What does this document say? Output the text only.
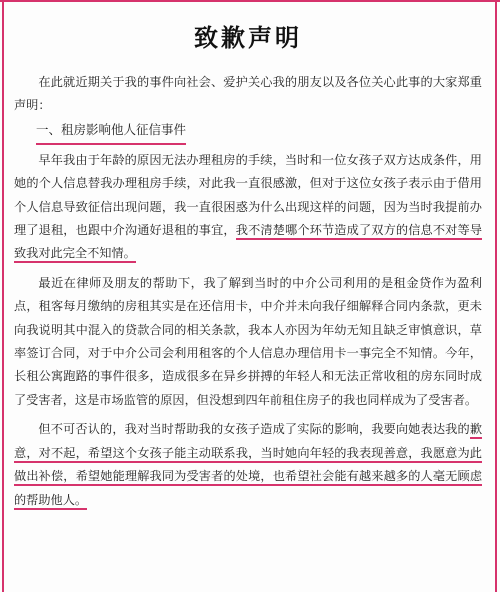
致歉声明

在此就近期关于我的事件向社会、爱护关心我的朋友以及各位关心此事的大家郑重声明：

一、租房影响他人征信事件

早年我由于年龄的原因无法办理租房的手续，当时和一位女孩子双方达成条件，用她的个人信息替我办理租房手续，对此我一直很感激，但对于这位女孩子表示由于借用个人信息导致征信出现问题，我一直很困惑为什么出现这样的问题，因为当时我提前办理了退租，也跟中介沟通好退租的事宜，我不清楚哪个环节造成了双方的信息不对等导致我对此完全不知情。

最近在律师及朋友的帮助下，我了解到当时的中介公司利用的是租金贷作为盈利点，租客每月缴纳的房租其实是在还信用卡，中介并未向我仔细解释合同内条款，更未向我说明其中混入的贷款合同的相关条款，我本人亦因为年幼无知且缺乏审慎意识，草率签订合同，对于中介公司会利用租客的个人信息办理信用卡一事完全不知情。今年，长租公寓跑路的事件很多，造成很多在异乡拼搏的年轻人和无法正常收租的房东同时成了受害者，这是市场监管的原因，但没想到四年前租住房子的我也同样成为了受害者。

但不可否认的，我对当时帮助我的女孩子造成了实际的影响，我要向她表达我的歉意，对不起，希望这个女孩子能主动联系我，当时她向年轻的我表现善意，我愿意为此做出补偿，希望她能理解我同为受害者的处境，也希望社会能有越来越多的人毫无顾虑的帮助他人。
